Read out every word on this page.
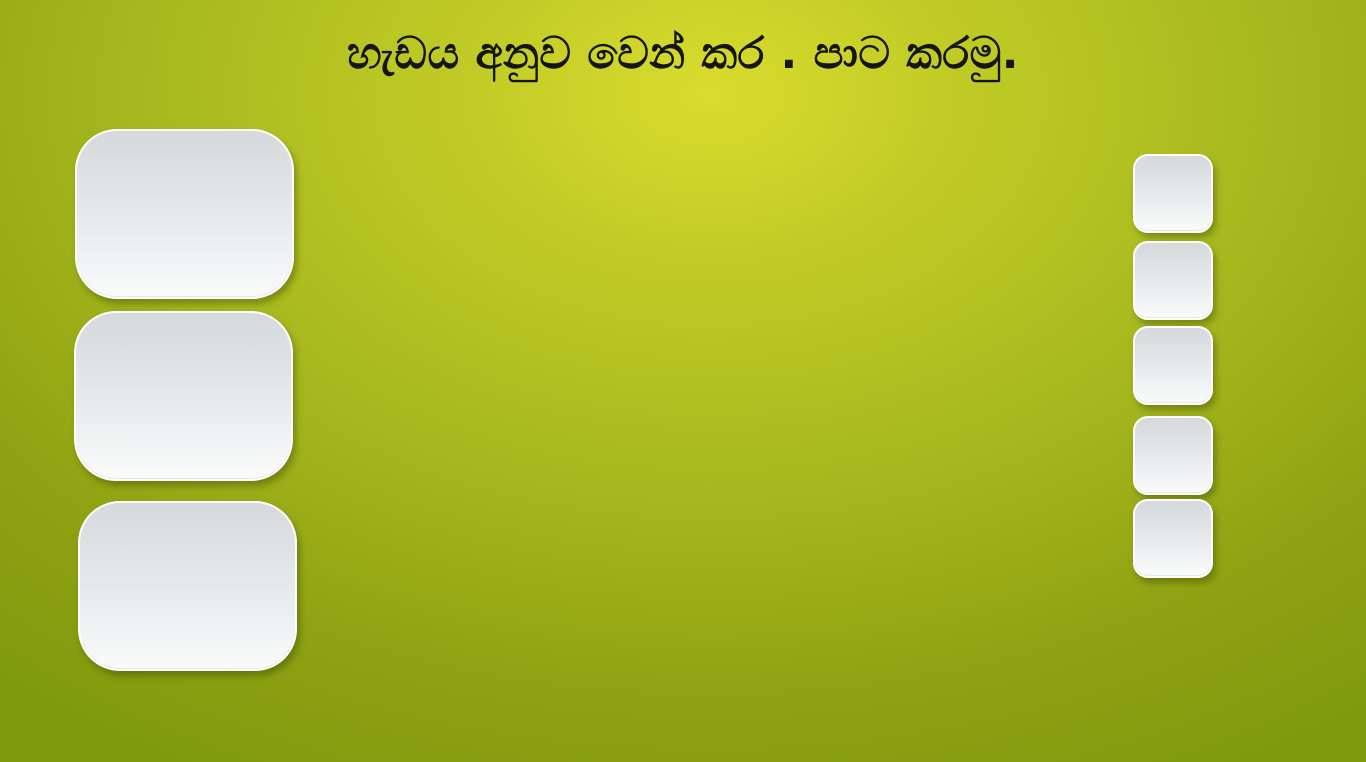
හැඩය අනුව වෙන් කර . පාට කරමු.
